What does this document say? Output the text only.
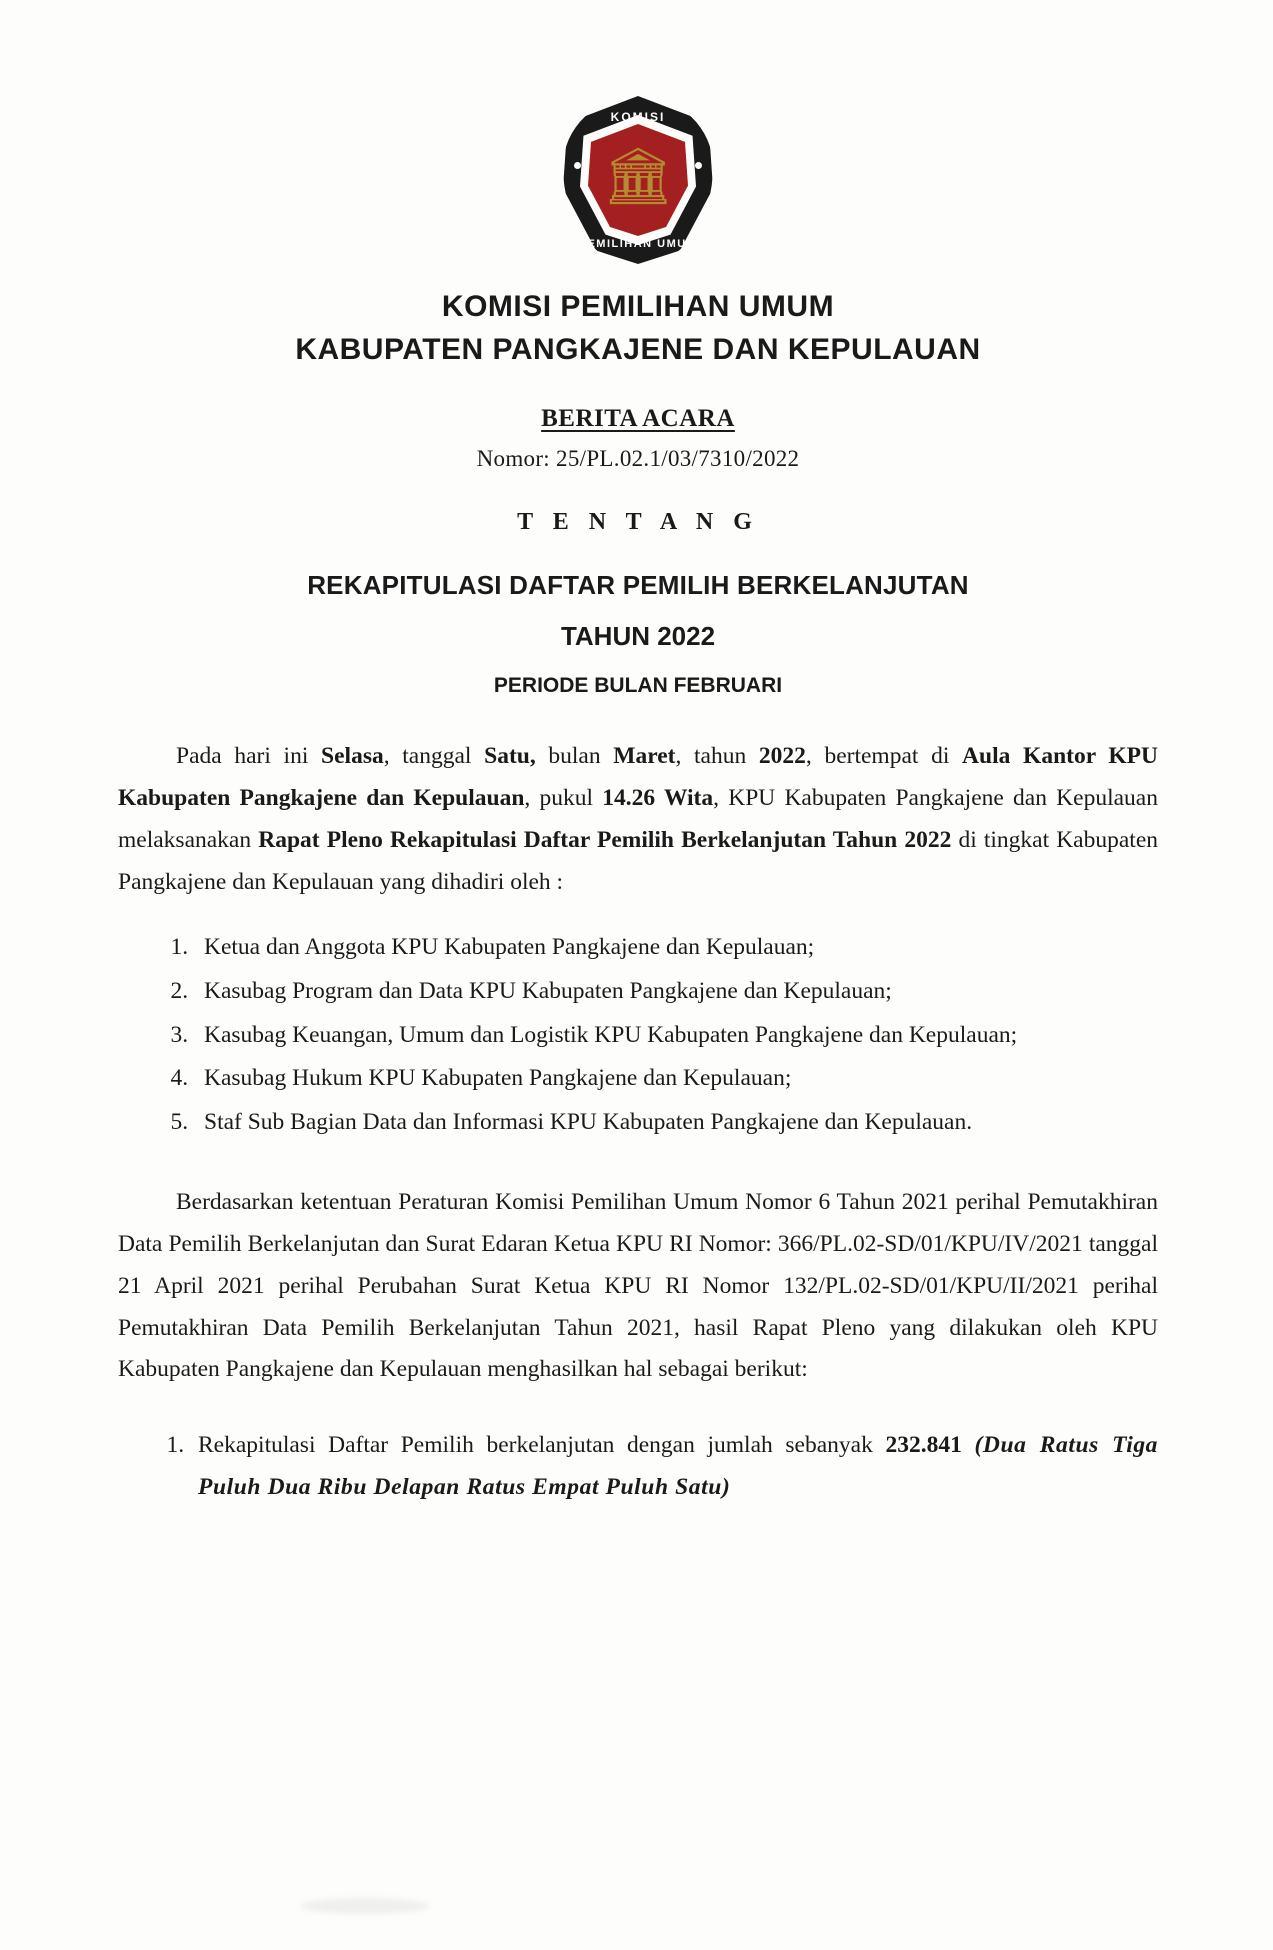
KOMISI
🏛
PEMILIHAN UMUM
KOMISI PEMILIHAN UMUM
KABUPATEN PANGKAJENE DAN KEPULAUAN
BERITA ACARA
Nomor: 25/PL.02.1/03/7310/2022
T E N T A N G
REKAPITULASI DAFTAR PEMILIH BERKELANJUTAN
TAHUN 2022
PERIODE BULAN FEBRUARI

Pada hari ini Selasa, tanggal Satu, bulan Maret, tahun 2022, bertempat di Aula Kantor KPU Kabupaten Pangkajene dan Kepulauan, pukul 14.26 Wita, KPU Kabupaten Pangkajene dan Kepulauan melaksanakan Rapat Pleno Rekapitulasi Daftar Pemilih Berkelanjutan Tahun 2022 di tingkat Kabupaten Pangkajene dan Kepulauan yang dihadiri oleh :

1. Ketua dan Anggota KPU Kabupaten Pangkajene dan Kepulauan;
2. Kasubag Program dan Data KPU Kabupaten Pangkajene dan Kepulauan;
3. Kasubag Keuangan, Umum dan Logistik KPU Kabupaten Pangkajene dan Kepulauan;
4. Kasubag Hukum KPU Kabupaten Pangkajene dan Kepulauan;
5. Staf Sub Bagian Data dan Informasi KPU Kabupaten Pangkajene dan Kepulauan.

Berdasarkan ketentuan Peraturan Komisi Pemilihan Umum Nomor 6 Tahun 2021 perihal Pemutakhiran Data Pemilih Berkelanjutan dan Surat Edaran Ketua KPU RI Nomor: 366/PL.02-SD/01/KPU/IV/2021 tanggal 21 April 2021 perihal Perubahan Surat Ketua KPU RI Nomor 132/PL.02-SD/01/KPU/II/2021 perihal Pemutakhiran Data Pemilih Berkelanjutan Tahun 2021, hasil Rapat Pleno yang dilakukan oleh KPU Kabupaten Pangkajene dan Kepulauan menghasilkan hal sebagai berikut:

1. Rekapitulasi Daftar Pemilih berkelanjutan dengan jumlah sebanyak 232.841 (Dua Ratus Tiga Puluh Dua Ribu Delapan Ratus Empat Puluh Satu)
